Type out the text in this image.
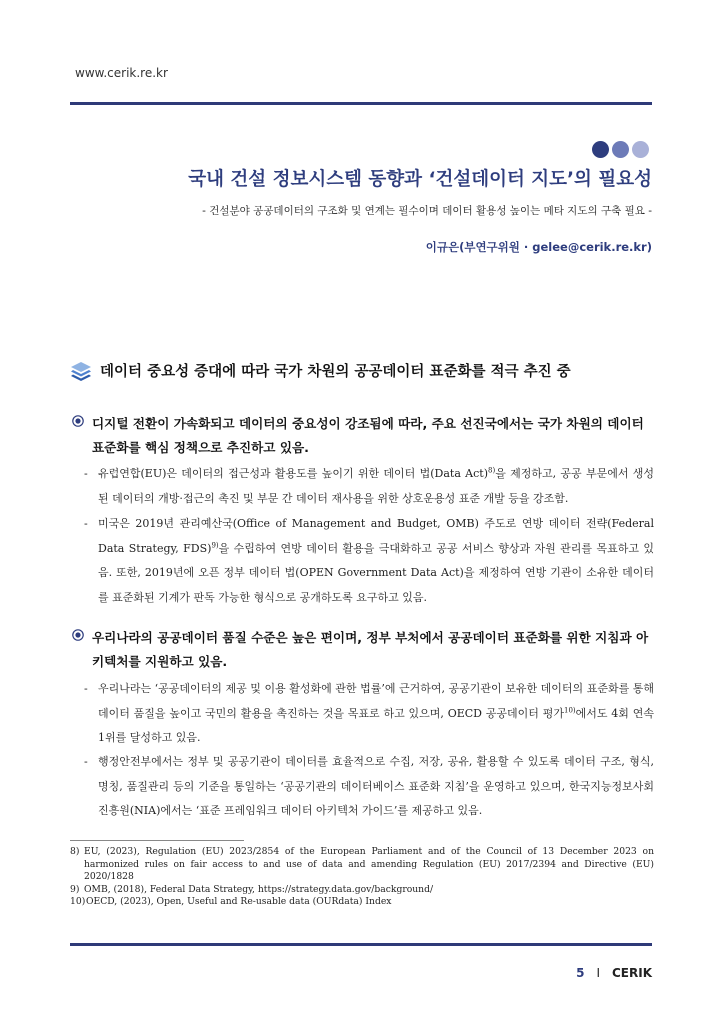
www.cerik.re.kr
국내 건설 정보시스템 동향과 ‘건설데이터 지도’의 필요성
- 건설분야 공공데이터의 구조화 및 연계는 필수이며 데이터 활용성 높이는 메타 지도의 구축 필요 -
이규은(부연구위원 · gelee@cerik.re.kr)
데이터 중요성 증대에 따라 국가 차원의 공공데이터 표준화를 적극 추진 중
디지털 전환이 가속화되고 데이터의 중요성이 강조됨에 따라, 주요 선진국에서는 국가 차원의 데이터 표준화를 핵심 정책으로 추진하고 있음.
- 유럽연합(EU)은 데이터의 접근성과 활용도를 높이기 위한 데이터 법(Data Act)$^{8)}$을 제정하고, 공공 부문에서 생성된 데이터의 개방·접근의 촉진 및 부문 간 데이터 재사용을 위한 상호운용성 표준 개발 등을 강조함.
- 미국은 2019년 관리예산국(Office of Management and Budget, OMB) 주도로 연방 데이터 전략(Federal Data Strategy, FDS)$^{9)}$을 수립하여 연방 데이터 활용을 극대화하고 공공 서비스 향상과 자원 관리를 목표하고 있음. 또한, 2019년에 오픈 정부 데이터 법(OPEN Government Data Act)을 제정하여 연방 기관이 소유한 데이터를 표준화된 기계가 판독 가능한 형식으로 공개하도록 요구하고 있음.
우리나라의 공공데이터 품질 수준은 높은 편이며, 정부 부처에서 공공데이터 표준화를 위한 지침과 아키텍처를 지원하고 있음.
- 우리나라는 ‘공공데이터의 제공 및 이용 활성화에 관한 법률’에 근거하여, 공공기관이 보유한 데이터의 표준화를 통해 데이터 품질을 높이고 국민의 활용을 촉진하는 것을 목표로 하고 있으며, OECD 공공데이터 평가$^{10)}$에서도 4회 연속 1위를 달성하고 있음.
- 행정안전부에서는 정부 및 공공기관이 데이터를 효율적으로 수집, 저장, 공유, 활용할 수 있도록 데이터 구조, 형식, 명칭, 품질관리 등의 기준을 통일하는 ‘공공기관의 데이터베이스 표준화 지침’을 운영하고 있으며, 한국지능정보사회진흥원(NIA)에서는 ‘표준 프레임워크 데이터 아키텍처 가이드’를 제공하고 있음.
8) EU, (2023), Regulation (EU) 2023/2854 of the European Parliament and of the Council of 13 December 2023 on harmonized rules on fair access to and use of data and amending Regulation (EU) 2017/2394 and Directive (EU) 2020/1828
9) OMB, (2018), Federal Data Strategy, https://strategy.data.gov/background/
10) OECD, (2023), Open, Useful and Re-usable data (OURdata) Index
5 I CERIK
